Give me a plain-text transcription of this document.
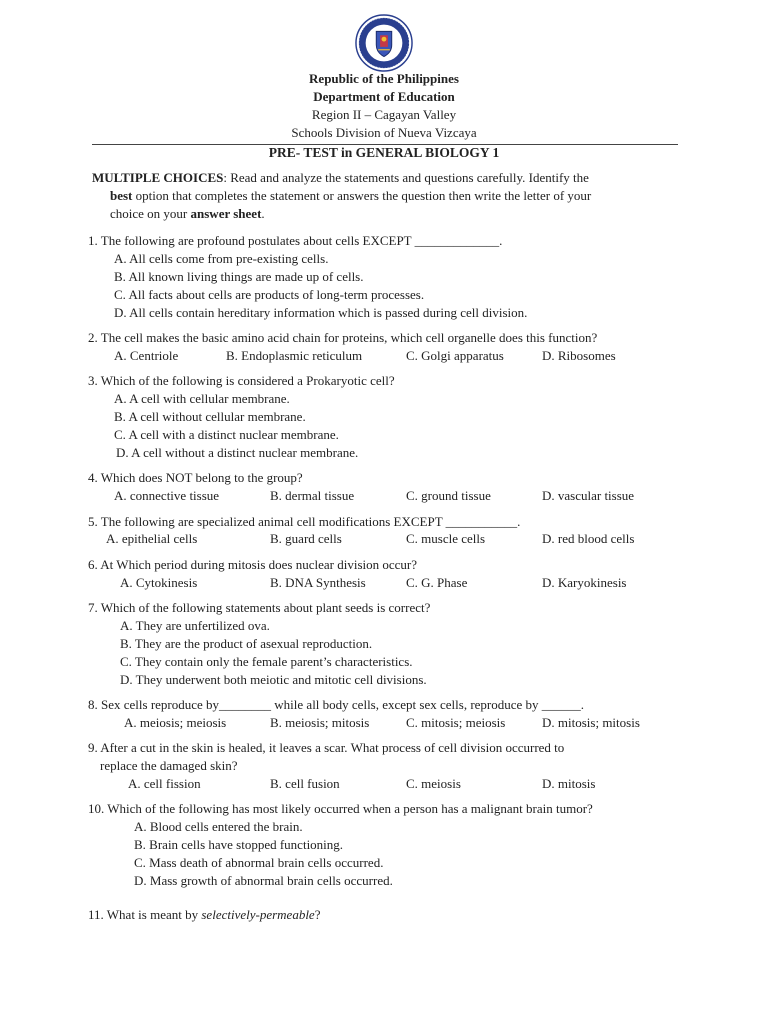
Republic of the Philippines
Department of Education
Region II – Cagayan Valley
Schools Division of Nueva Vizcaya
PRE- TEST in GENERAL BIOLOGY 1
MULTIPLE CHOICES: Read and analyze the statements and questions carefully. Identify the
best option that completes the statement or answers the question then write the letter of your
choice on your answer sheet.
1. The following are profound postulates about cells EXCEPT _____________.
A. All cells come from pre-existing cells.
B. All known living things are made up of cells.
C. All facts about cells are products of long-term processes.
D. All cells contain hereditary information which is passed during cell division.
2. The cell makes the basic amino acid chain for proteins, which cell organelle does this function?
A. Centriole	B. Endoplasmic reticulum	C. Golgi apparatus	D. Ribosomes
3. Which of the following is considered a Prokaryotic cell?
A. A cell with cellular membrane.
B. A cell without cellular membrane.
C. A cell with a distinct nuclear membrane.
D. A cell without a distinct nuclear membrane.
4. Which does NOT belong to the group?
A. connective tissue	B. dermal tissue	C. ground tissue	D. vascular tissue
5. The following are specialized animal cell modifications EXCEPT ___________.
A. epithelial cells	B. guard cells	C. muscle cells	D. red blood cells
6. At Which period during mitosis does nuclear division occur?
A. Cytokinesis	B. DNA Synthesis	C. G. Phase	D. Karyokinesis
7. Which of the following statements about plant seeds is correct?
A. They are unfertilized ova.
B. They are the product of asexual reproduction.
C. They contain only the female parent’s characteristics.
D. They underwent both meiotic and mitotic cell divisions.
8. Sex cells reproduce by________ while all body cells, except sex cells, reproduce by ______.
A. meiosis; meiosis	B. meiosis; mitosis	C. mitosis; meiosis	D. mitosis; mitosis
9. After a cut in the skin is healed, it leaves a scar. What process of cell division occurred to
replace the damaged skin?
A. cell fission	B. cell fusion	C. meiosis	D. mitosis
10. Which of the following has most likely occurred when a person has a malignant brain tumor?
A. Blood cells entered the brain.
B. Brain cells have stopped functioning.
C. Mass death of abnormal brain cells occurred.
D. Mass growth of abnormal brain cells occurred.
11. What is meant by selectively-permeable?
